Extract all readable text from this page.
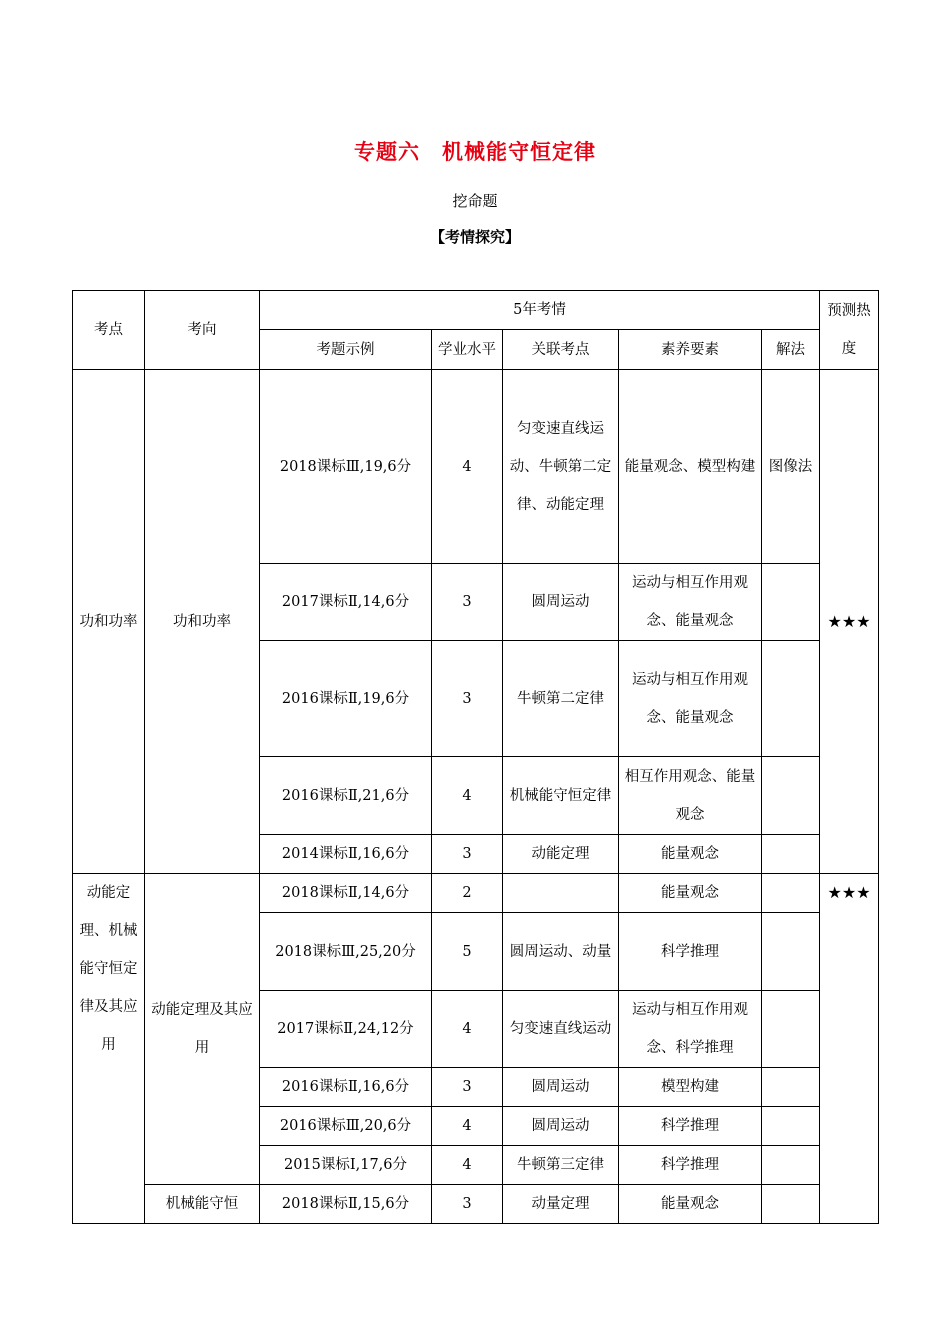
专题六　机械能守恒定律
挖命题
【考情探究】
考点	考向	5年考情					预测热度
		考题示例	学业水平	关联考点	素养要素	解法	
功和功率	功和功率	2018课标Ⅲ,19,6分	4	匀变速直线运动、牛顿第二定律、动能定理	能量观念、模型构建	图像法	★★★
		2017课标Ⅱ,14,6分	3	圆周运动	运动与相互作用观念、能量观念		
		2016课标Ⅱ,19,6分	3	牛顿第二定律	运动与相互作用观念、能量观念		
		2016课标Ⅱ,21,6分	4	机械能守恒定律	相互作用观念、能量观念		
		2014课标Ⅱ,16,6分	3	动能定理	能量观念		
动能定理、机械能守恒定律及其应用	动能定理及其应用	2018课标Ⅱ,14,6分	2		能量观念		★★★
		2018课标Ⅲ,25,20分	5	圆周运动、动量	科学推理		
		2017课标Ⅱ,24,12分	4	匀变速直线运动	运动与相互作用观念、科学推理		
		2016课标Ⅱ,16,6分	3	圆周运动	模型构建		
		2016课标Ⅲ,20,6分	4	圆周运动	科学推理		
		2015课标Ⅰ,17,6分	4	牛顿第三定律	科学推理		
	机械能守恒	2018课标Ⅱ,15,6分	3	动量定理	能量观念		
